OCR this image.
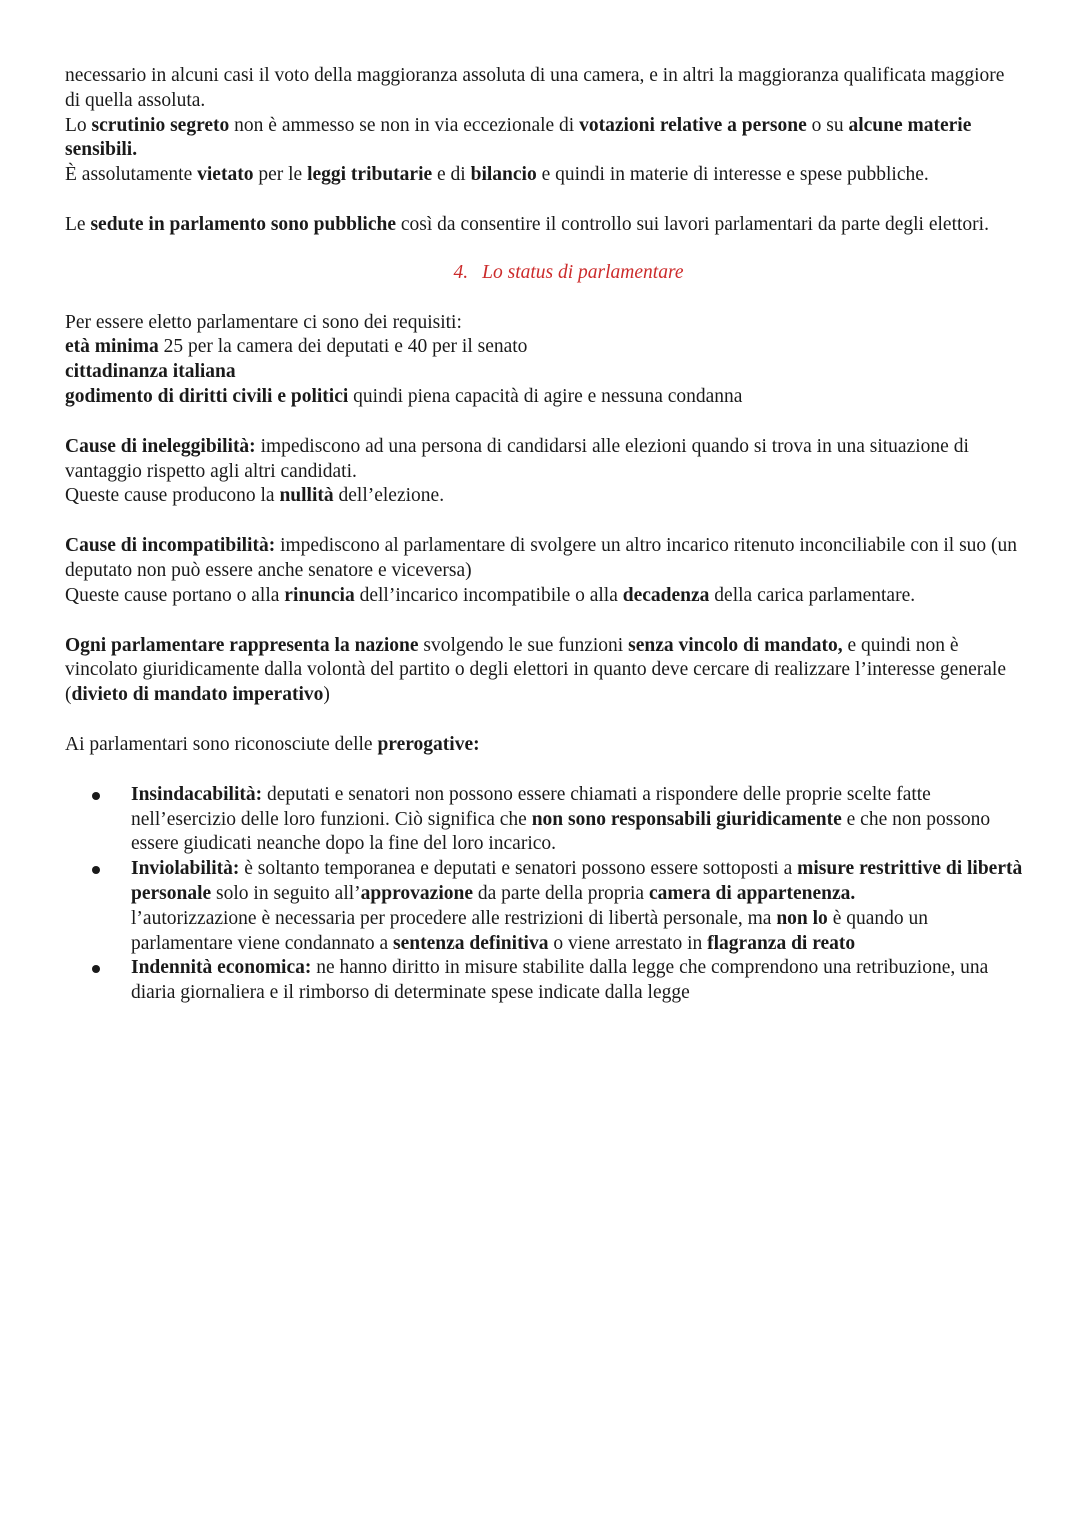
necessario in alcuni casi il voto della maggioranza assoluta di una camera, e in altri la maggioranza qualificata maggiore di quella assoluta.

Lo scrutinio segreto non è ammesso se non in via eccezionale di votazioni relative a persone o su alcune materie sensibili.

È assolutamente vietato per le leggi tributarie e di bilancio e quindi in materie di interesse e spese pubbliche.

Le sedute in parlamento sono pubbliche così da consentire il controllo sui lavori parlamentari da parte degli elettori.

4. Lo status di parlamentare

Per essere eletto parlamentare ci sono dei requisiti:

età minima 25 per la camera dei deputati e 40 per il senato

cittadinanza italiana

godimento di diritti civili e politici quindi piena capacità di agire e nessuna condanna

Cause di ineleggibilità: impediscono ad una persona di candidarsi alle elezioni quando si trova in una situazione di vantaggio rispetto agli altri candidati.

Queste cause producono la nullità dell’elezione.

Cause di incompatibilità: impediscono al parlamentare di svolgere un altro incarico ritenuto inconciliabile con il suo (un deputato non può essere anche senatore e viceversa)

Queste cause portano o alla rinuncia dell’incarico incompatibile o alla decadenza della carica parlamentare.

Ogni parlamentare rappresenta la nazione svolgendo le sue funzioni senza vincolo di mandato, e quindi non è vincolato giuridicamente dalla volontà del partito o degli elettori in quanto deve cercare di realizzare l’interesse generale (divieto di mandato imperativo)

Ai parlamentari sono riconosciute delle prerogative:

Insindacabilità: deputati e senatori non possono essere chiamati a rispondere delle proprie scelte fatte nell’esercizio delle loro funzioni. Ciò significa che non sono responsabili giuridicamente e che non possono essere giudicati neanche dopo la fine del loro incarico.
Inviolabilità: è soltanto temporanea e deputati e senatori possono essere sottoposti a misure restrittive di libertà personale solo in seguito all’approvazione da parte della propria camera di appartenenza.
l’autorizzazione è necessaria per procedere alle restrizioni di libertà personale, ma non lo è quando un parlamentare viene condannato a sentenza definitiva o viene arrestato in flagranza di reato
Indennità economica: ne hanno diritto in misure stabilite dalla legge che comprendono una retribuzione, una diaria giornaliera e il rimborso di determinate spese indicate dalla legge
